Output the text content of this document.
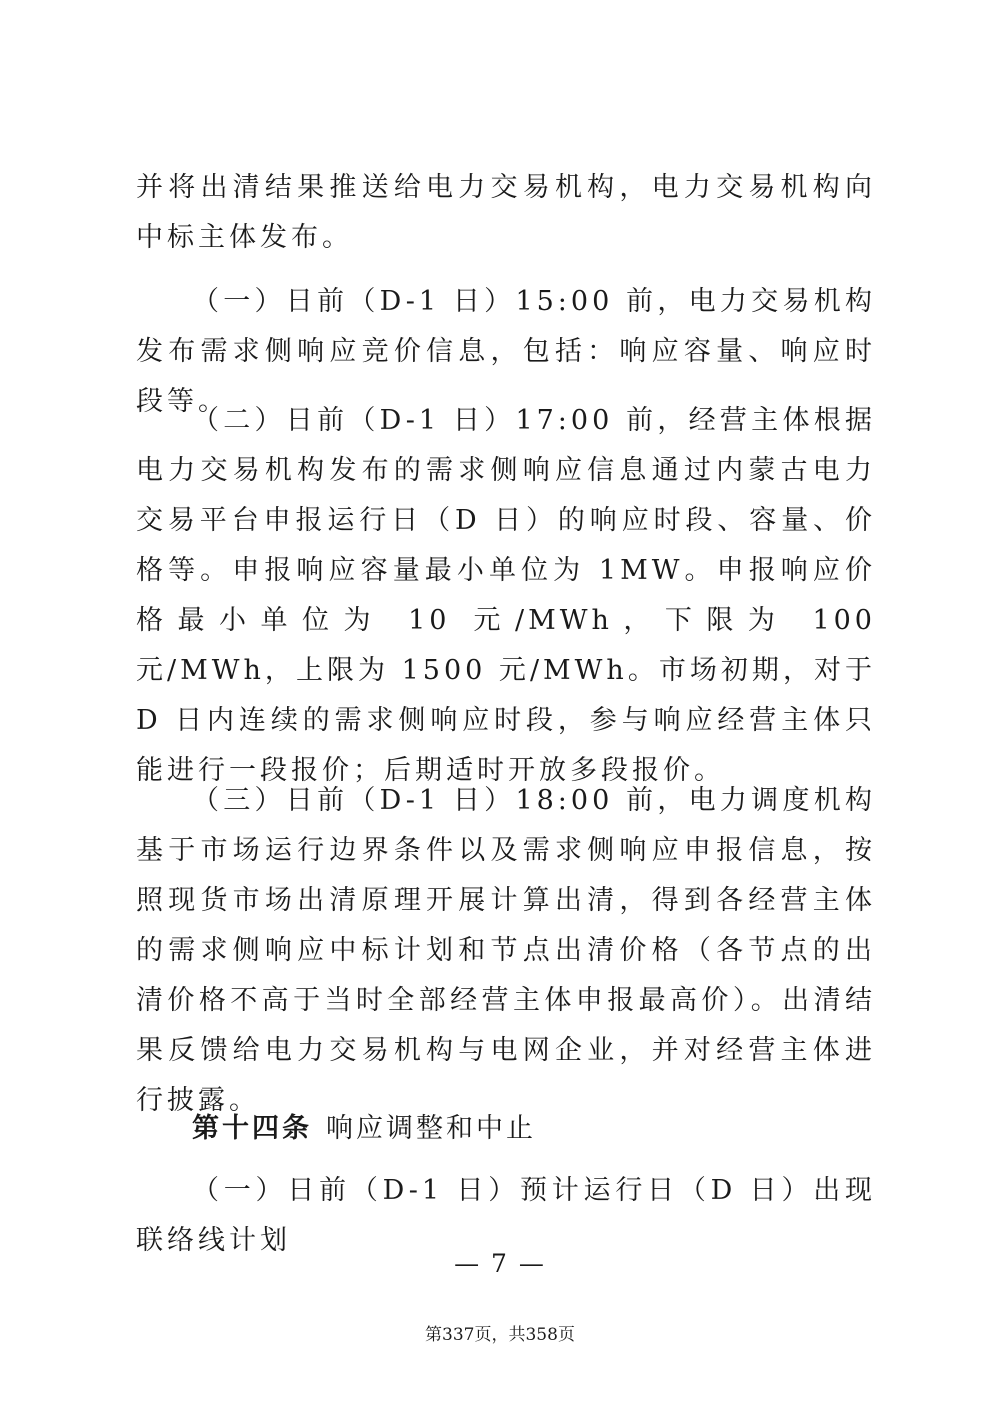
并将出清结果推送给电力交易机构，电力交易机构向中标主体发布。

（一）日前（D-1 日）15:00 前，电力交易机构发布需求侧响应竞价信息，包括：响应容量、响应时段等。

（二）日前（D-1 日）17:00 前，经营主体根据电力交易机构发布的需求侧响应信息通过内蒙古电力交易平台申报运行日（D 日）的响应时段、容量、价格等。申报响应容量最小单位为 1MW。申报响应价格最小单位为 10 元/MWh，下限为 100 元/MWh，上限为 1500 元/MWh。市场初期，对于 D 日内连续的需求侧响应时段，参与响应经营主体只能进行一段报价；后期适时开放多段报价。

（三）日前（D-1 日）18:00 前，电力调度机构基于市场运行边界条件以及需求侧响应申报信息，按照现货市场出清原理开展计算出清，得到各经营主体的需求侧响应中标计划和节点出清价格（各节点的出清价格不高于当时全部经营主体申报最高价）。出清结果反馈给电力交易机构与电网企业，并对经营主体进行披露。

第十四条 响应调整和中止

（一）日前（D-1 日）预计运行日（D 日）出现联络线计划

— 7 —
第337页，共358页
